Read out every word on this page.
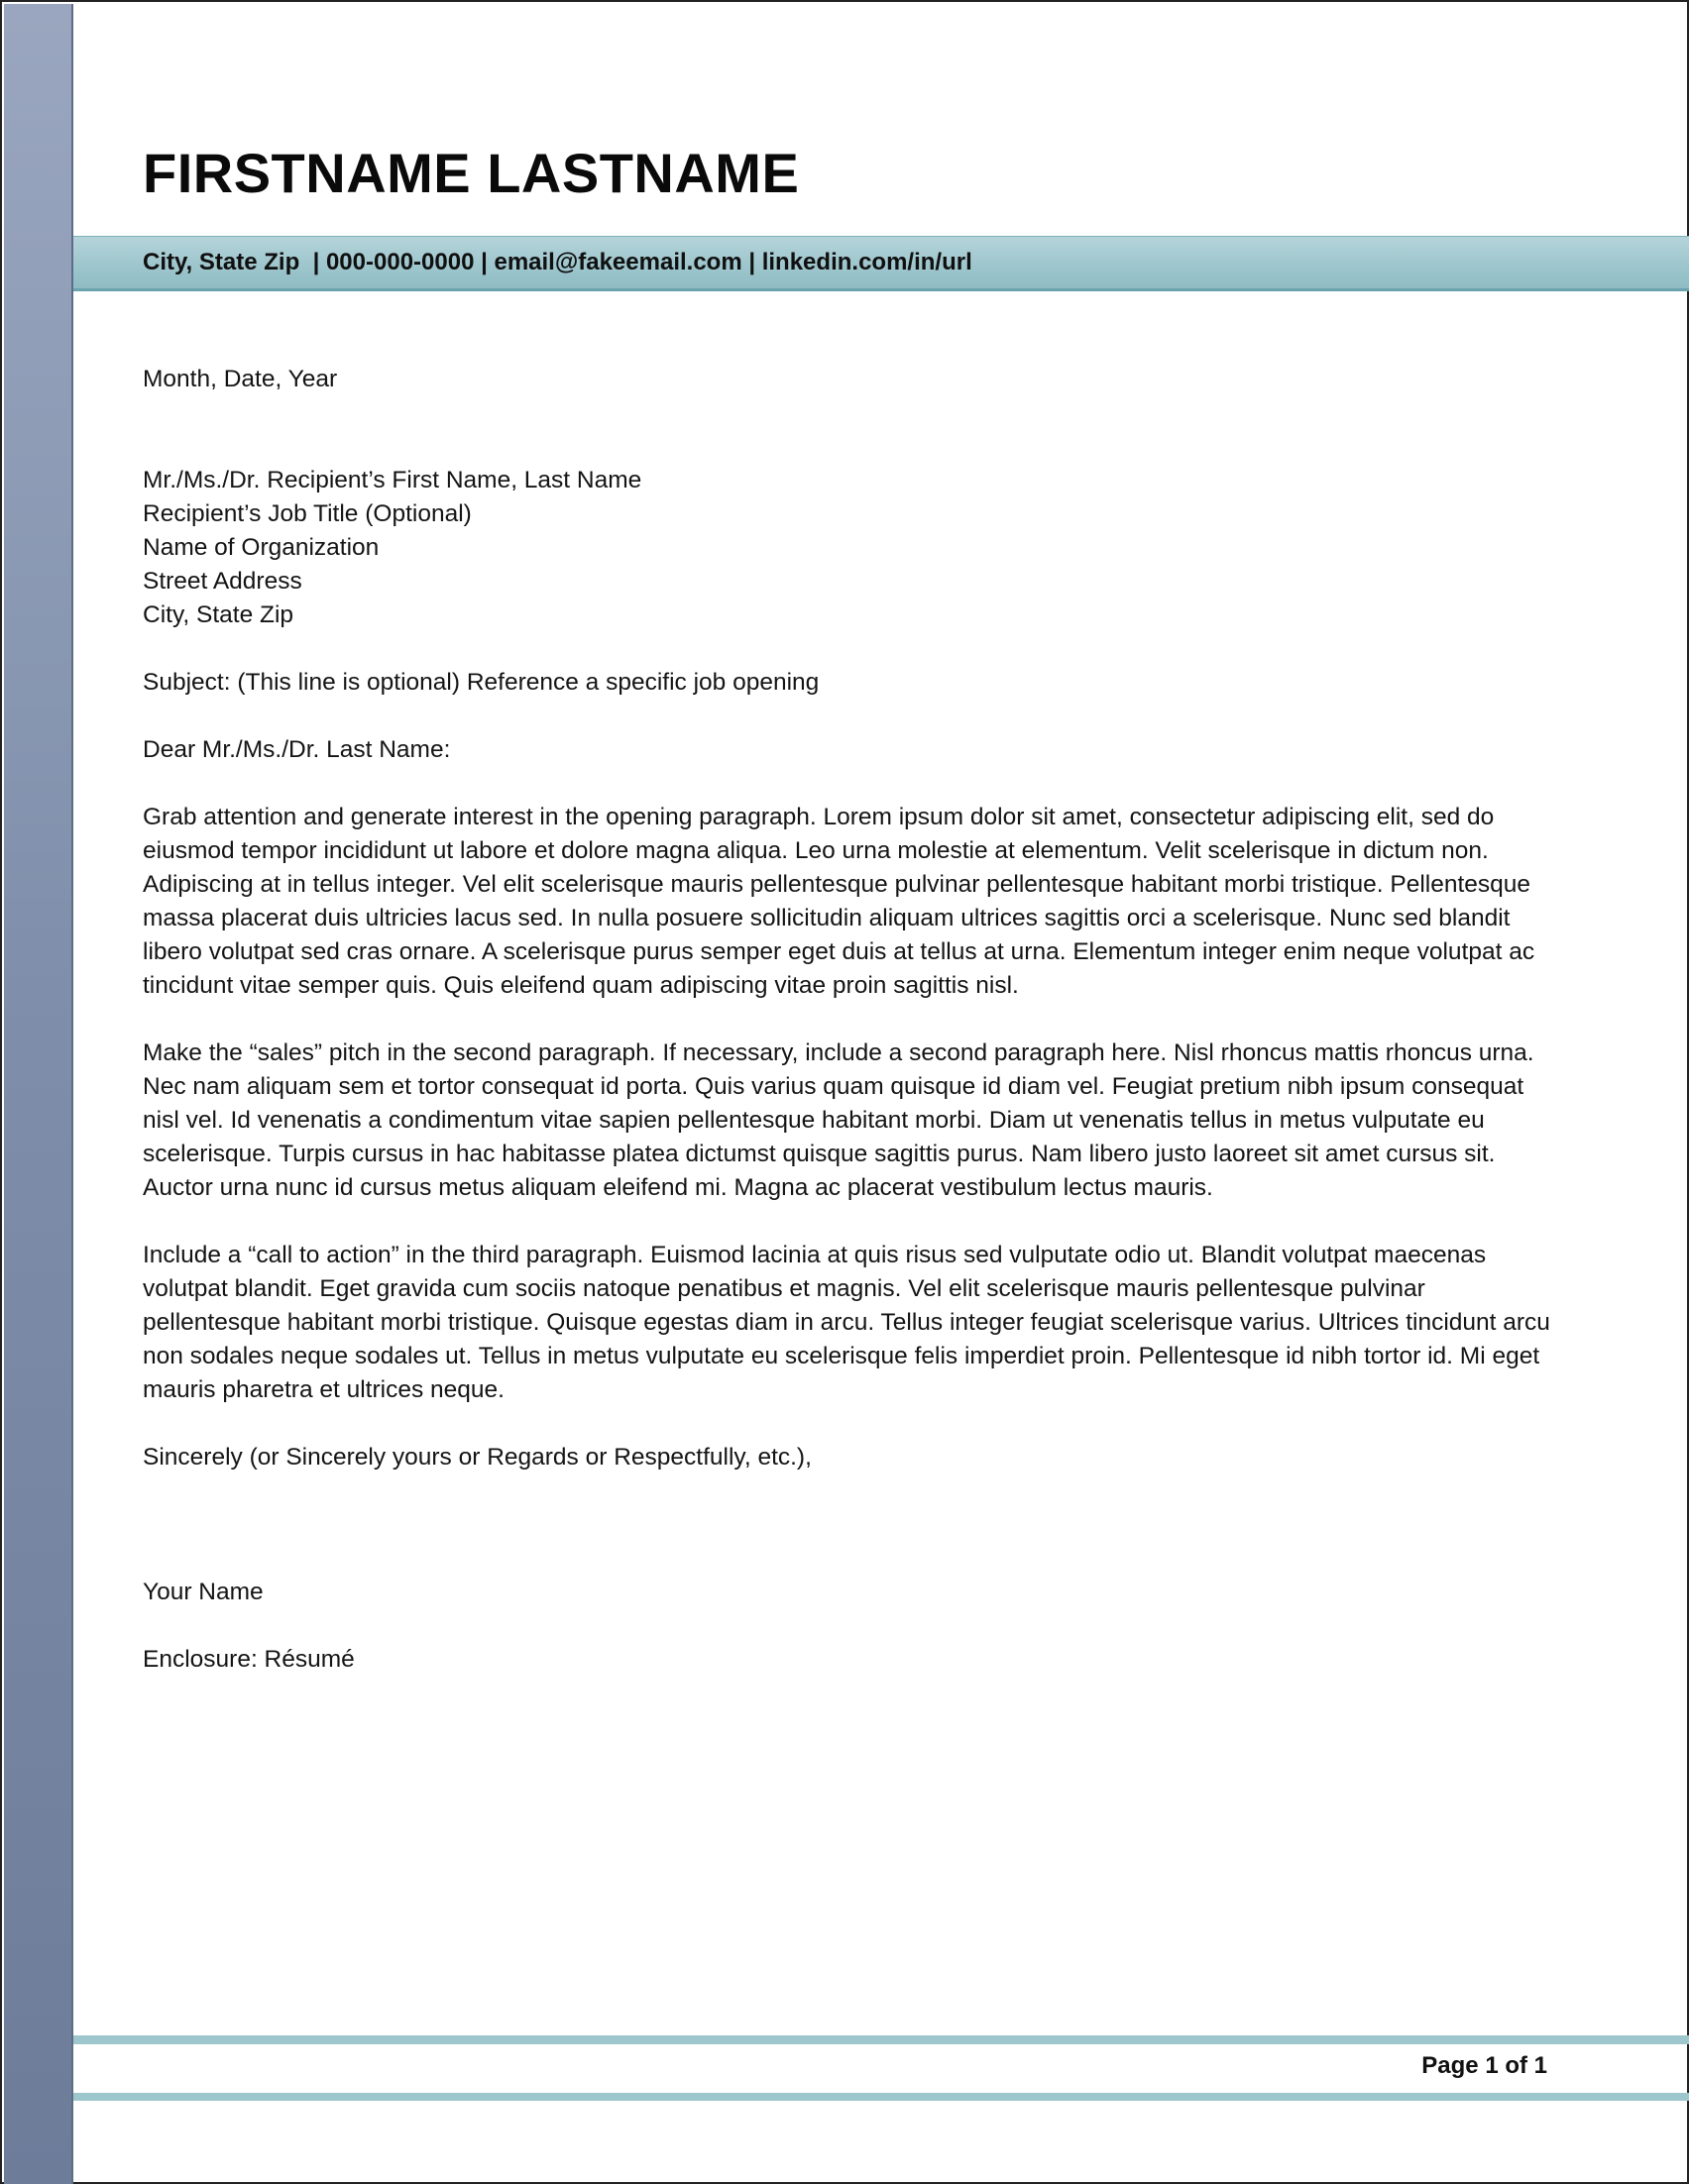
FIRSTNAME LASTNAME
City, State Zip  | 000-000-0000 | email@fakeemail.com | linkedin.com/in/url
Month, Date, Year
Mr./Ms./Dr. Recipient’s First Name, Last Name
Recipient’s Job Title (Optional)
Name of Organization
Street Address
City, State Zip
Subject: (This line is optional) Reference a specific job opening
Dear Mr./Ms./Dr. Last Name:

Grab attention and generate interest in the opening paragraph. Lorem ipsum dolor sit amet, consectetur adipiscing elit, sed do eiusmod tempor incididunt ut labore et dolore magna aliqua. Leo urna molestie at elementum. Velit scelerisque in dictum non. Adipiscing at in tellus integer. Vel elit scelerisque mauris pellentesque pulvinar pellentesque habitant morbi tristique. Pellentesque massa placerat duis ultricies lacus sed. In nulla posuere sollicitudin aliquam ultrices sagittis orci a scelerisque. Nunc sed blandit libero volutpat sed cras ornare. A scelerisque purus semper eget duis at tellus at urna. Elementum integer enim neque volutpat ac tincidunt vitae semper quis. Quis eleifend quam adipiscing vitae proin sagittis nisl.

Make the “sales” pitch in the second paragraph. If necessary, include a second paragraph here. Nisl rhoncus mattis rhoncus urna. Nec nam aliquam sem et tortor consequat id porta. Quis varius quam quisque id diam vel. Feugiat pretium nibh ipsum consequat nisl vel. Id venenatis a condimentum vitae sapien pellentesque habitant morbi. Diam ut venenatis tellus in metus vulputate eu scelerisque. Turpis cursus in hac habitasse platea dictumst quisque sagittis purus. Nam libero justo laoreet sit amet cursus sit. Auctor urna nunc id cursus metus aliquam eleifend mi. Magna ac placerat vestibulum lectus mauris.

Include a “call to action” in the third paragraph. Euismod lacinia at quis risus sed vulputate odio ut. Blandit volutpat maecenas volutpat blandit. Eget gravida cum sociis natoque penatibus et magnis. Vel elit scelerisque mauris pellentesque pulvinar pellentesque habitant morbi tristique. Quisque egestas diam in arcu. Tellus integer feugiat scelerisque varius. Ultrices tincidunt arcu non sodales neque sodales ut. Tellus in metus vulputate eu scelerisque felis imperdiet proin. Pellentesque id nibh tortor id. Mi eget mauris pharetra et ultrices neque.

Sincerely (or Sincerely yours or Regards or Respectfully, etc.),
Your Name
Enclosure: Résumé
Page 1 of 1
